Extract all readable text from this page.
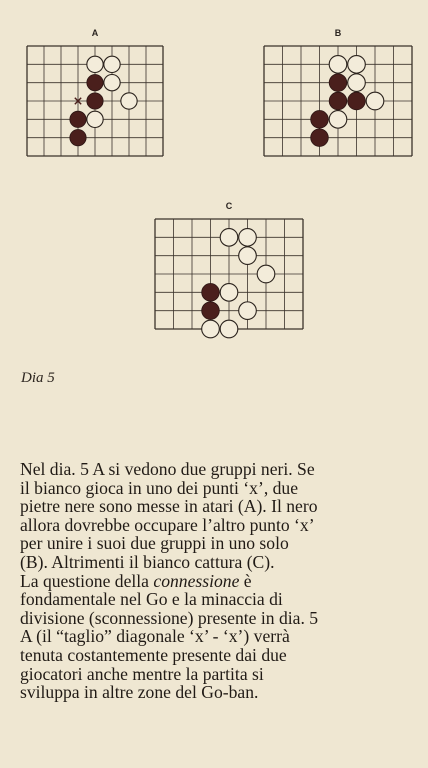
A	B
C
Dia 5

Nel dia. 5 A si vedono due gruppi neri. Se

il bianco gioca in uno dei punti ‘x’, due

pietre nere sono messe in atari (A). Il nero

allora dovrebbe occupare l’altro punto ‘x’

per unire i suoi due gruppi in uno solo

(B). Altrimenti il bianco cattura (C).

La questione della connessione è

fondamentale nel Go e la minaccia di

divisione (sconnessione) presente in dia. 5

A (il “taglio” diagonale ‘x’ - ‘x’) verrà

tenuta costantemente presente dai due

giocatori anche mentre la partita si

sviluppa in altre zone del Go-ban.
